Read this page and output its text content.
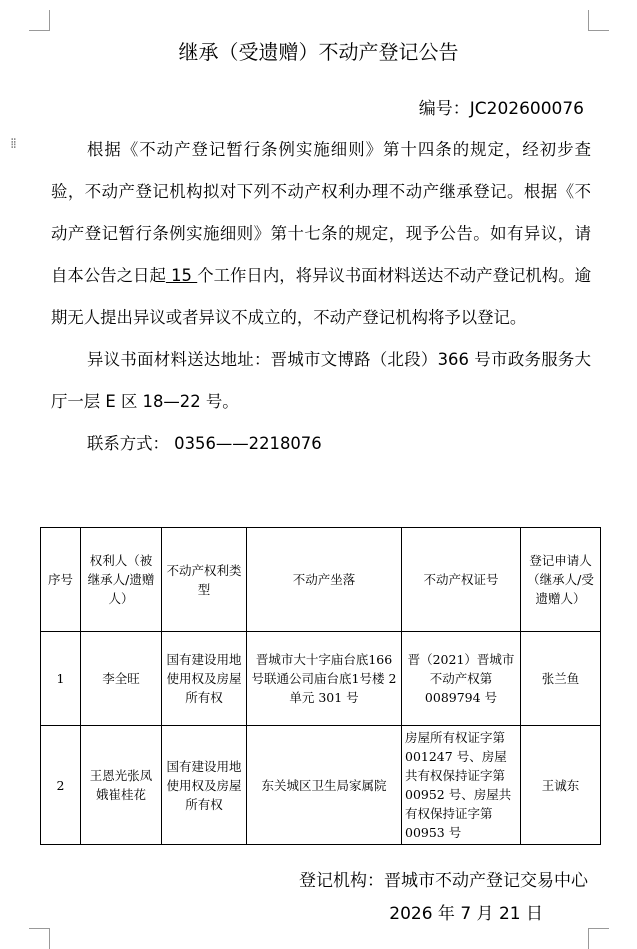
⁞⁞
继承（受遗赠）不动产登记公告
编号：JC202600076

根据《不动产登记暂行条例实施细则》第十四条的规定，经初步查验，不动产登记机构拟对下列不动产权利办理不动产继承登记。根据《不动产登记暂行条例实施细则》第十七条的规定，现予公告。如有异议，请自本公告之日起 15 个工作日内，将异议书面材料送达不动产登记机构。逾期无人提出异议或者异议不成立的，不动产登记机构将予以登记。

异议书面材料送达地址：晋城市文博路（北段）366 号市政务服务大厅一层 E 区 18—22 号。

联系方式： 0356——2218076

序号	权利人（被继承人/遗赠人）	不动产权利类型	不动产坐落	不动产权证号	登记申请人（继承人/受遗赠人）
1	李全旺	国有建设用地使用权及房屋所有权	晋城市大十字庙台底166 号联通公司庙台底1号楼 2 单元 301 号	晋（2021）晋城市不动产权第0089794 号	张兰鱼
2	王恩光张凤娥崔桂花	国有建设用地使用权及房屋所有权	东关城区卫生局家属院	房屋所有权证字第 001247 号、房屋共有权保持证字第 00952 号、房屋共有权保持证字第 00953 号	王诚东
登记机构：晋城市不动产登记交易中心
2026 年 7 月 21 日
